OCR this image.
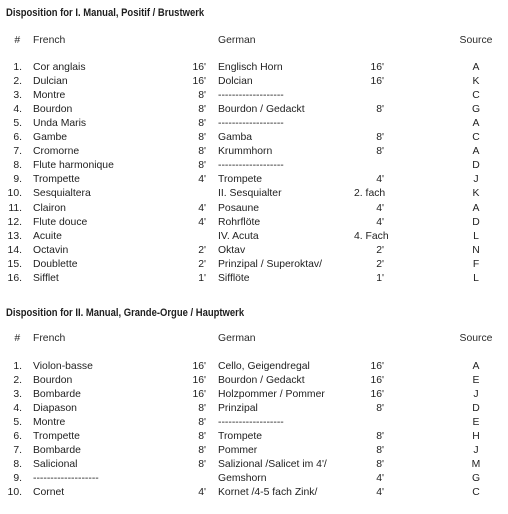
Disposition for I. Manual, Positif / Brustwerk
# French	German	Source
1. Cor anglais	16' Englisch Horn	16'	A
2. Dulcian	16' Dolcian	16'	K
3. Montre	8' -------------------	C
4. Bourdon	8' Bourdon / Gedackt	8'	G
5. Unda Maris	8' -------------------	A
6. Gambe	8' Gamba	8'	C
7. Cromorne	8' Krummhorn	8'	A
8. Flute harmonique	8' -------------------	D
9. Trompette	4' Trompete	4'	J
10. Sesquialtera	II. Sesquialter	2. fach	K
11. Clairon	4' Posaune	4'	A
12. Flute douce	4' Rohrflöte	4'	D
13. Acuite	IV. Acuta	4. Fach	L
14. Octavin	2' Oktav	2'	N
15. Doublette	2' Prinzipal / Superoktav/	2'	F
16. Sifflet	1' Sifflöte	1'	L
Disposition for II. Manual, Grande-Orgue / Hauptwerk
# French	German	Source
1. Violon-basse	16' Cello, Geigendregal	16'	A
2. Bourdon	16' Bourdon / Gedackt	16'	E
3. Bombarde	16' Holzpommer / Pommer	16'	J
4. Diapason	8' Prinzipal	8'	D
5. Montre	8' -------------------	E
6. Trompette	8' Trompete	8'	H
7. Bombarde	8' Pommer	8'	J
8. Salicional	8' Salizional /Salicet im 4'/	8'	M
9. -------------------	Gemshorn	4'	G
10. Cornet	4' Kornet /4-5 fach Zink/	4'	C
